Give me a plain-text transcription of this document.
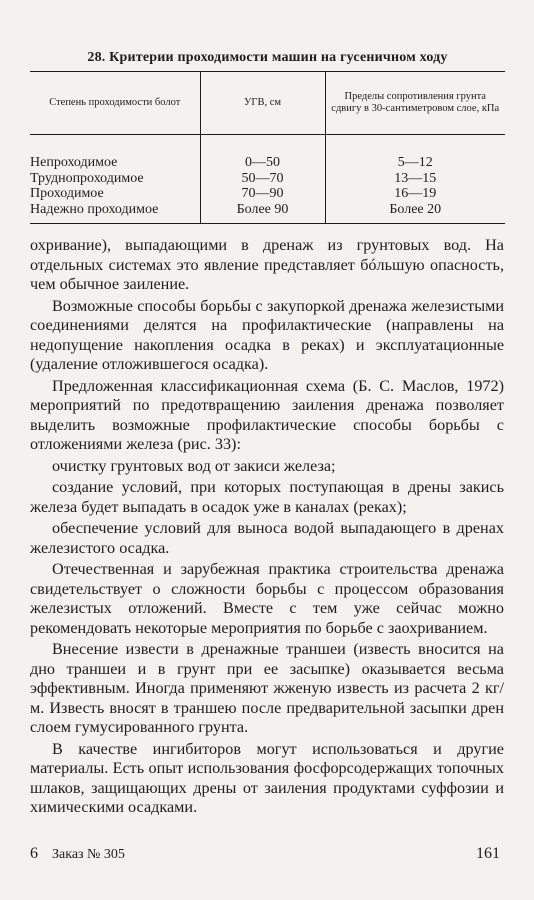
28. Критерии проходимости машин на гусеничном ходу
Степень проходимости болот	УГВ, см	Пределы сопротивления грунта сдвигу в 30-сантиметровом слое, кПа
Непроходимое	0—50	5—12
Труднопроходимое	50—70	13—15
Проходимое	70—90	16—19
Надежно проходимое	Более 90	Более 20

охривание), выпадающими в дренаж из грунтовых вод. На отдельных системах это явление представляет бóльшую опасность, чем обычное заиление.

Возможные способы борьбы с закупоркой дренажа железистыми соединениями делятся на профилактические (направлены на недопущение накопления осадка в реках) и эксплуатационные (удаление отложившегося осадка).

Предложенная классификационная схема (Б. С. Маслов, 1972) мероприятий по предотвращению заиления дренажа позволяет выделить возможные профилактические способы борьбы с отложениями железа (рис. 33):

очистку грунтовых вод от закиси железа;

создание условий, при которых поступающая в дрены закись железа будет выпадать в осадок уже в каналах (реках);

обеспечение условий для выноса водой выпадающего в дренах железистого осадка.

Отечественная и зарубежная практика строительства дренажа свидетельствует о сложности борьбы с процессом образования железистых отложений. Вместе с тем уже сейчас можно рекомендовать некоторые мероприятия по борьбе с заохриванием.

Внесение извести в дренажные траншеи (известь вносится на дно траншеи и в грунт при ее засыпке) оказывается весьма эффективным. Иногда применяют жженую известь из расчета 2 кг/м. Известь вносят в траншею после предварительной засыпки дрен слоем гумусированного грунта.

В качестве ингибиторов могут использоваться и другие материалы. Есть опыт использования фосфорсодержащих топочных шлаков, защищающих дрены от заиления продуктами суффозии и химическими осадками.

6 Заказ № 305	161
